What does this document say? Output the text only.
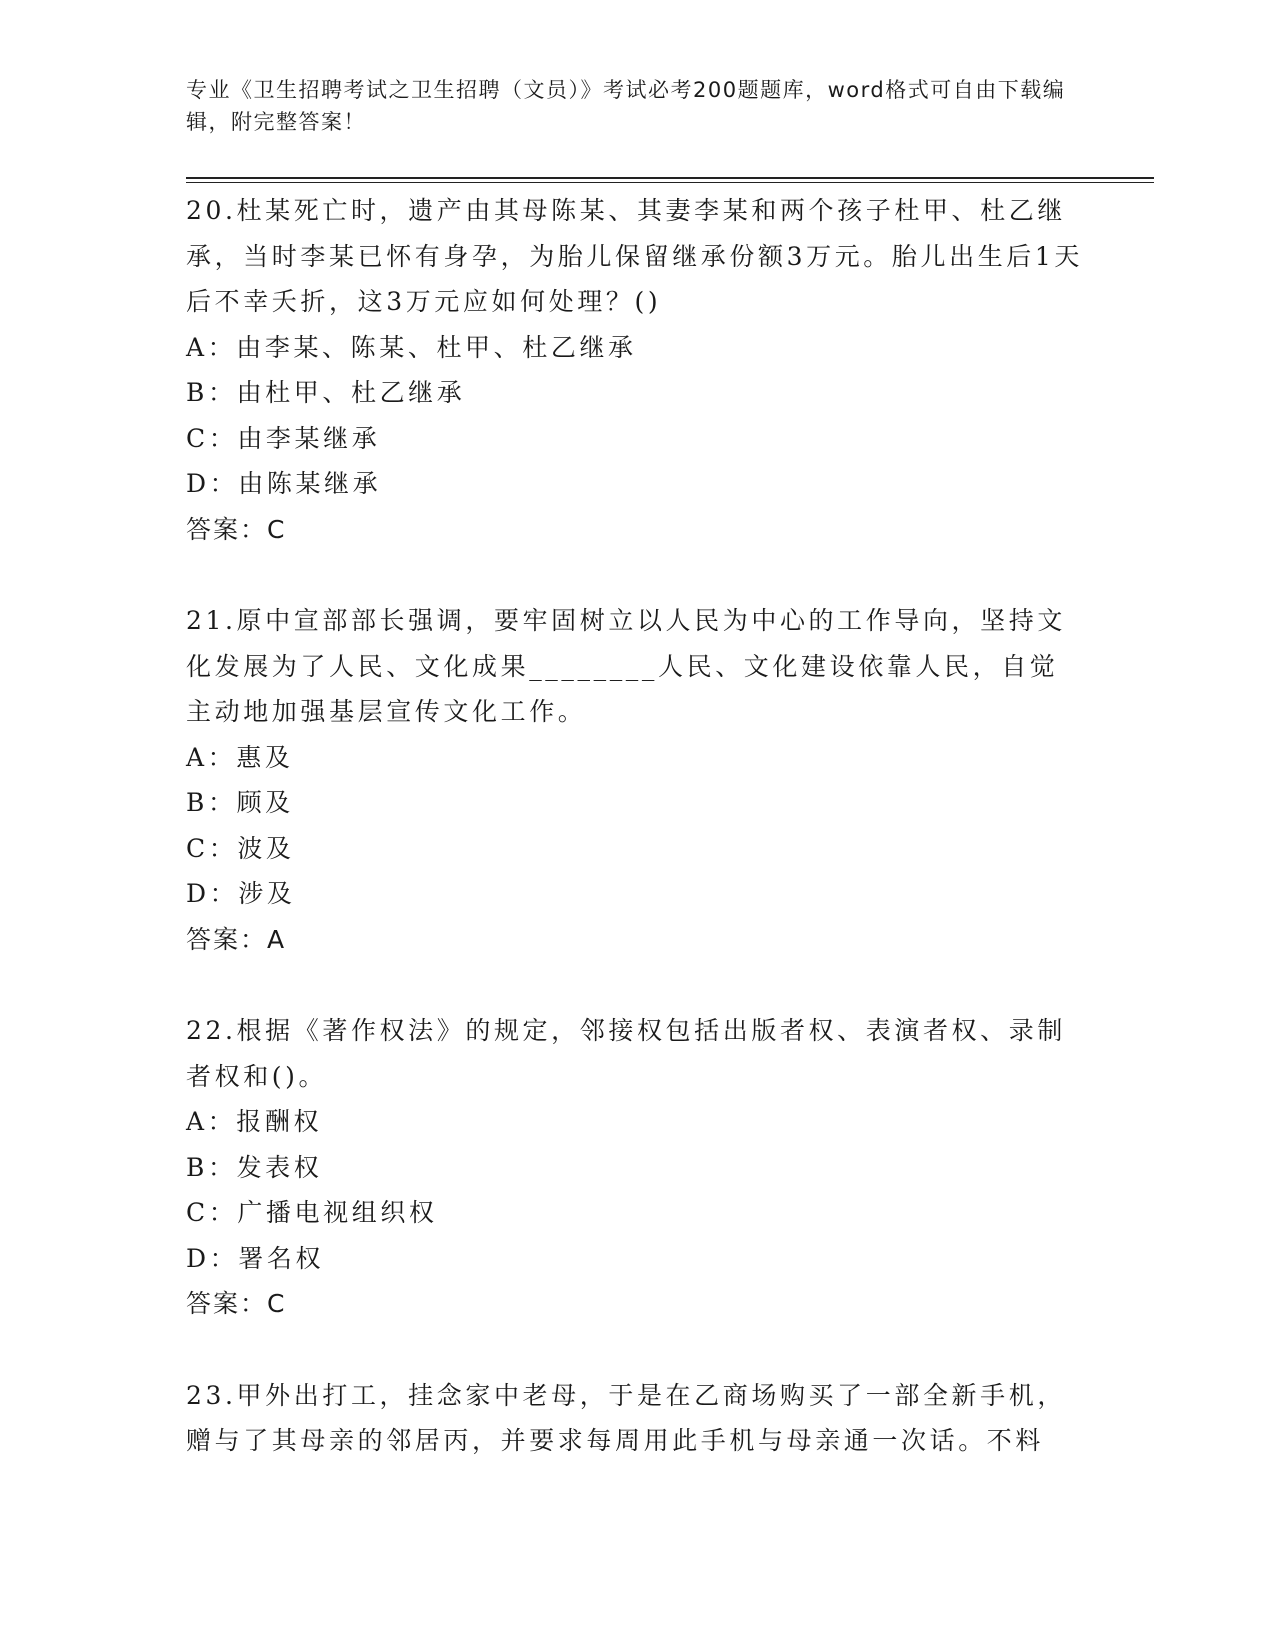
专业《卫生招聘考试之卫生招聘（文员）》考试必考200题题库，word格式可自由下载编辑，附完整答案！

20.杜某死亡时，遗产由其母陈某、其妻李某和两个孩子杜甲、杜乙继承，当时李某已怀有身孕，为胎儿保留继承份额3万元。胎儿出生后1天后不幸夭折，这3万元应如何处理？()

A：由李某、陈某、杜甲、杜乙继承

B：由杜甲、杜乙继承

C：由李某继承

D：由陈某继承

答案：C

21.原中宣部部长强调，要牢固树立以人民为中心的工作导向，坚持文化发展为了人民、文化成果________人民、文化建设依靠人民，自觉主动地加强基层宣传文化工作。

A：惠及

B：顾及

C：波及

D：涉及

答案：A

22.根据《著作权法》的规定，邻接权包括出版者权、表演者权、录制者权和()。

A：报酬权

B：发表权

C：广播电视组织权

D：署名权

答案：C

23.甲外出打工，挂念家中老母，于是在乙商场购买了一部全新手机，赠与了其母亲的邻居丙，并要求每周用此手机与母亲通一次话。不料
